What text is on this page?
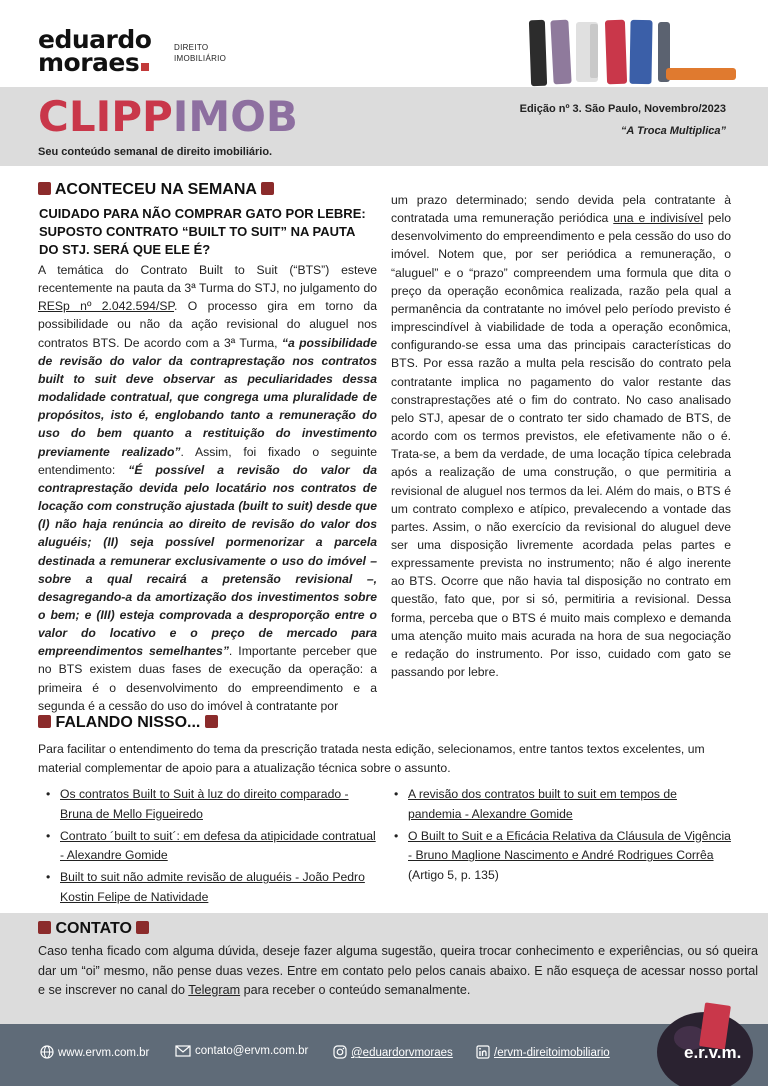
eduardo
moraes
DIREITO
IMOBILIÁRIO
CLIPPIMOB
Seu conteúdo semanal de direito imobiliário.
Edição nº 3. São Paulo, Novembro/2023
“A Troca Multiplica”
ACONTECEU NA SEMANA
CUIDADO PARA NÃO COMPRAR GATO POR LEBRE: SUPOSTO CONTRATO “BUILT TO SUIT” NA PAUTA DO STJ. SERÁ QUE ELE É?

A temática do Contrato Built to Suit (“BTS”) esteve recentemente na pauta da 3ª Turma do STJ, no julgamento do RESp nº 2.042.594/SP. O processo gira em torno da possibilidade ou não da ação revisional do aluguel nos contratos BTS. De acordo com a 3ª Turma, “a possibilidade de revisão do valor da contraprestação nos contratos built to suit deve observar as peculiaridades dessa modalidade contratual, que congrega uma pluralidade de propósitos, isto é, englobando tanto a remuneração do uso do bem quanto a restituição do investimento previamente realizado”. Assim, foi fixado o seguinte entendimento: “É possível a revisão do valor da contraprestação devida pelo locatário nos contratos de locação com construção ajustada (built to suit) desde que (I) não haja renúncia ao direito de revisão do valor dos aluguéis; (II) seja possível pormenorizar a parcela destinada a remunerar exclusivamente o uso do imóvel – sobre a qual recairá a pretensão revisional –, desagregando-a da amortização dos investimentos sobre o bem; e (III) esteja comprovada a desproporção entre o valor do locativo e o preço de mercado para empreendimentos semelhantes”. Importante perceber que no BTS existem duas fases de execução da operação: a primeira é o desenvolvimento do empreendimento e a segunda é a cessão do uso do imóvel à contratante por

um prazo determinado; sendo devida pela contratante à contratada uma remuneração periódica una e indivisível pelo desenvolvimento do empreendimento e pela cessão do uso do imóvel. Notem que, por ser periódica a remuneração, o “aluguel” e o “prazo” compreendem uma formula que dita o preço da operação econômica realizada, razão pela qual a permanência da contratante no imóvel pelo período previsto é imprescindível à viabilidade de toda a operação econômica, configurando-se essa uma das principais características do BTS. Por essa razão a multa pela rescisão do contrato pela contratante implica no pagamento do valor restante das constraprestações até o fim do contrato. No caso analisado pelo STJ, apesar de o contrato ter sido chamado de BTS, de acordo com os termos previstos, ele efetivamente não o é. Trata-se, a bem da verdade, de uma locação típica celebrada após a realização de uma construção, o que permitiria a revisional de aluguel nos termos da lei. Além do mais, o BTS é um contrato complexo e atípico, prevalecendo a vontade das partes. Assim, o não exercício da revisional do aluguel deve ser uma disposição livremente acordada pelas partes e expressamente prevista no instrumento; não é algo inerente ao BTS. Ocorre que não havia tal disposição no contrato em questão, fato que, por si só, permitiria a revisional. Dessa forma, perceba que o BTS é muito mais complexo e demanda uma atenção muito mais acurada na hora de sua negociação e redação do instrumento. Por isso, cuidado com gato se passando por lebre.

FALANDO NISSO...
Para facilitar o entendimento do tema da prescrição tratada nesta edição, selecionamos, entre tantos textos excelentes, um material complementar de apoio para a atualização técnica sobre o assunto.
• Os contratos Built to Suit à luz do direito comparado - Bruna de Mello Figueiredo
• Contrato ´built to suit´: em defesa da atipicidade contratual - Alexandre Gomide
• Built to suit não admite revisão de aluguéis - João Pedro Kostin Felipe de Natividade
• A revisão dos contratos built to suit em tempos de pandemia - Alexandre Gomide
• O Built to Suit e a Eficácia Relativa da Cláusula de Vigência - Bruno Maglione Nascimento e André Rodrigues Corrêa (Artigo 5, p. 135)
CONTATO

Caso tenha ficado com alguma dúvida, deseje fazer alguma sugestão, queira trocar conhecimento e experiências, ou só queira dar um “oi” mesmo, não pense duas vezes. Entre em contato pelo pelos canais abaixo. E não esqueça de acessar nosso portal e se inscrever no canal do Telegram para receber o conteúdo semanalmente.

www.ervm.com.br	contato@ervm.com.br	@eduardorvmoraes	/ervm-direitoimobiliario	e.r.v.m.
